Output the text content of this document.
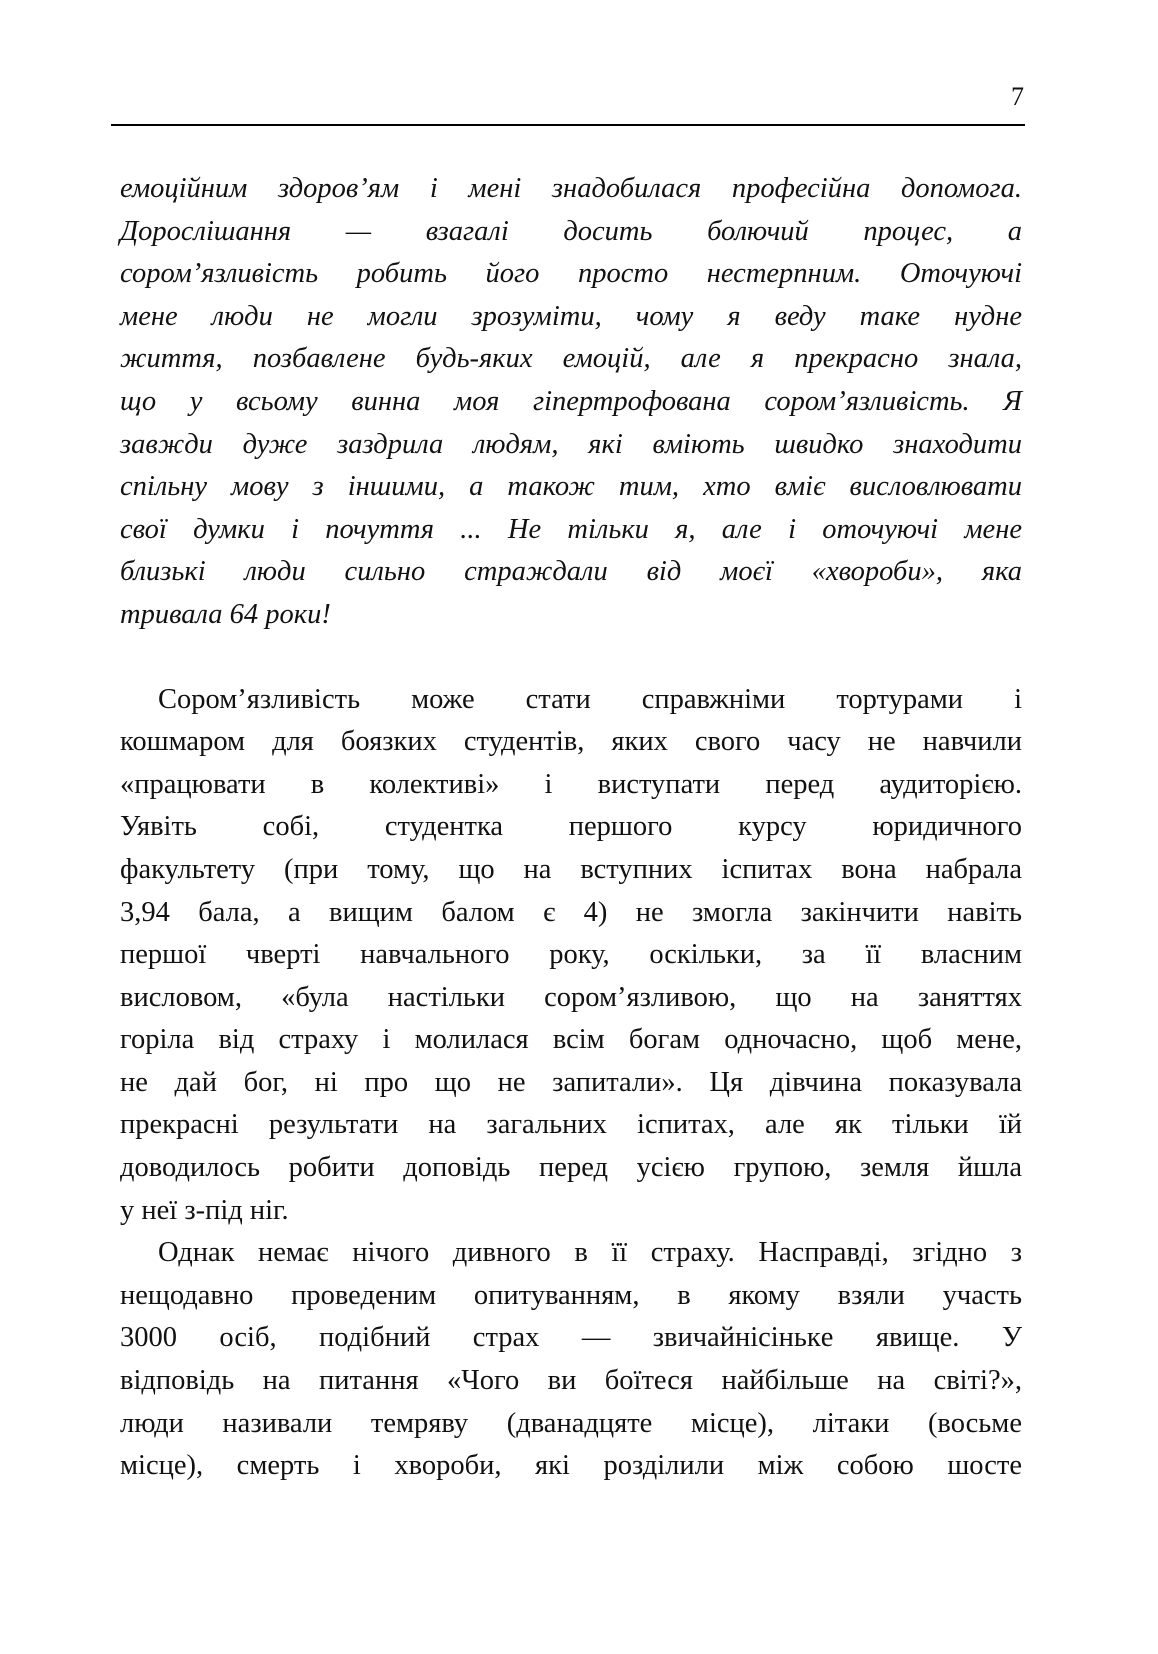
7

емоційним здоров’ям і мені знадобилася професійна допомога.
Дорослішання — взагалі досить болючий процес, а
сором’язливість робить його просто нестерпним. Оточуючі
мене люди не могли зрозуміти, чому я веду таке нудне
життя, позбавлене будь-яких емоцій, але я прекрасно знала,
що у всьому винна моя гіпертрофована сором’язливість. Я
завжди дуже заздрила людям, які вміють швидко знаходити
спільну мову з іншими, а також тим, хто вміє висловлювати
свої думки і почуття ... Не тільки я, але і оточуючі мене
близькі люди сильно страждали від моєї «хвороби», яка
тривала 64 роки!

Сором’язливість може стати справжніми тортурами і
кошмаром для боязких студентів, яких свого часу не навчили
«працювати в колективі» і виступати перед аудиторією.
Уявіть собі, студентка першого курсу юридичного
факультету (при тому, що на вступних іспитах вона набрала
3,94 бала, а вищим балом є 4) не змогла закінчити навіть
першої чверті навчального року, оскільки, за її власним
висловом, «була настільки сором’язливою, що на заняттях
горіла від страху і молилася всім богам одночасно, щоб мене,
не дай бог, ні про що не запитали». Ця дівчина показувала
прекрасні результати на загальних іспитах, але як тільки їй
доводилось робити доповідь перед усією групою, земля йшла
у неї з-під ніг.

Однак немає нічого дивного в її страху. Насправді, згідно з
нещодавно проведеним опитуванням, в якому взяли участь
3000 осіб, подібний страх — звичайнісінькe явище. У
відповідь на питання «Чого ви боїтеся найбільше на світі?»,
люди називали темряву (дванадцяте місце), літаки (восьме
місце), смерть і хвороби, які розділили між собою шосте
